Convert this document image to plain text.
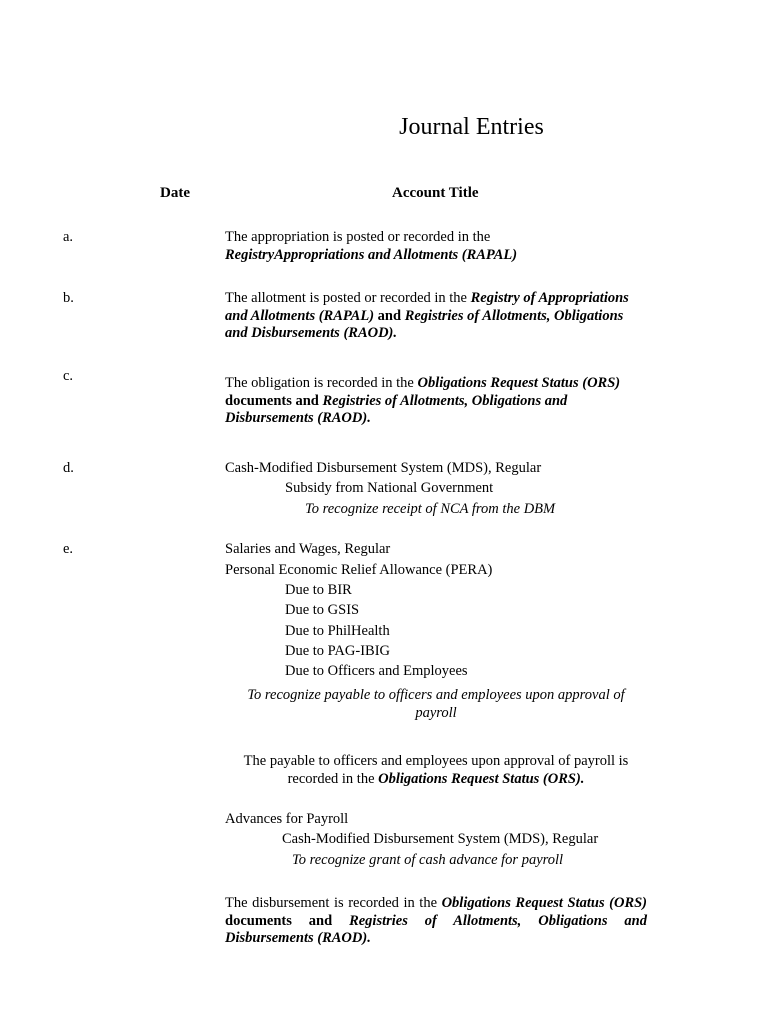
Journal Entries
Date	Account Title
a.	The appropriation is posted or recorded in the
RegistryAppropriations and Allotments (RAPAL)
b.	The allotment is posted or recorded in the Registry of Appropriations and Allotments (RAPAL) and Registries of Allotments, Obligations and Disbursements (RAOD).
c.	The obligation is recorded in the Obligations Request Status (ORS) documents and Registries of Allotments, Obligations and Disbursements (RAOD).
d.	Cash-Modified Disbursement System (MDS), Regular
Subsidy from National Government
To recognize receipt of NCA from the DBM
e.	Salaries and Wages, Regular
Personal Economic Relief Allowance (PERA)
Due to BIR
Due to GSIS
Due to PhilHealth
Due to PAG-IBIG
Due to Officers and Employees
To recognize payable to officers and employees upon approval of payroll
The payable to officers and employees upon approval of payroll is recorded in the Obligations Request Status (ORS).
Advances for Payroll
Cash-Modified Disbursement System (MDS), Regular
To recognize grant of cash advance for payroll
The disbursement is recorded in the Obligations Request Status (ORS) documents and Registries of Allotments, Obligations and Disbursements (RAOD).
